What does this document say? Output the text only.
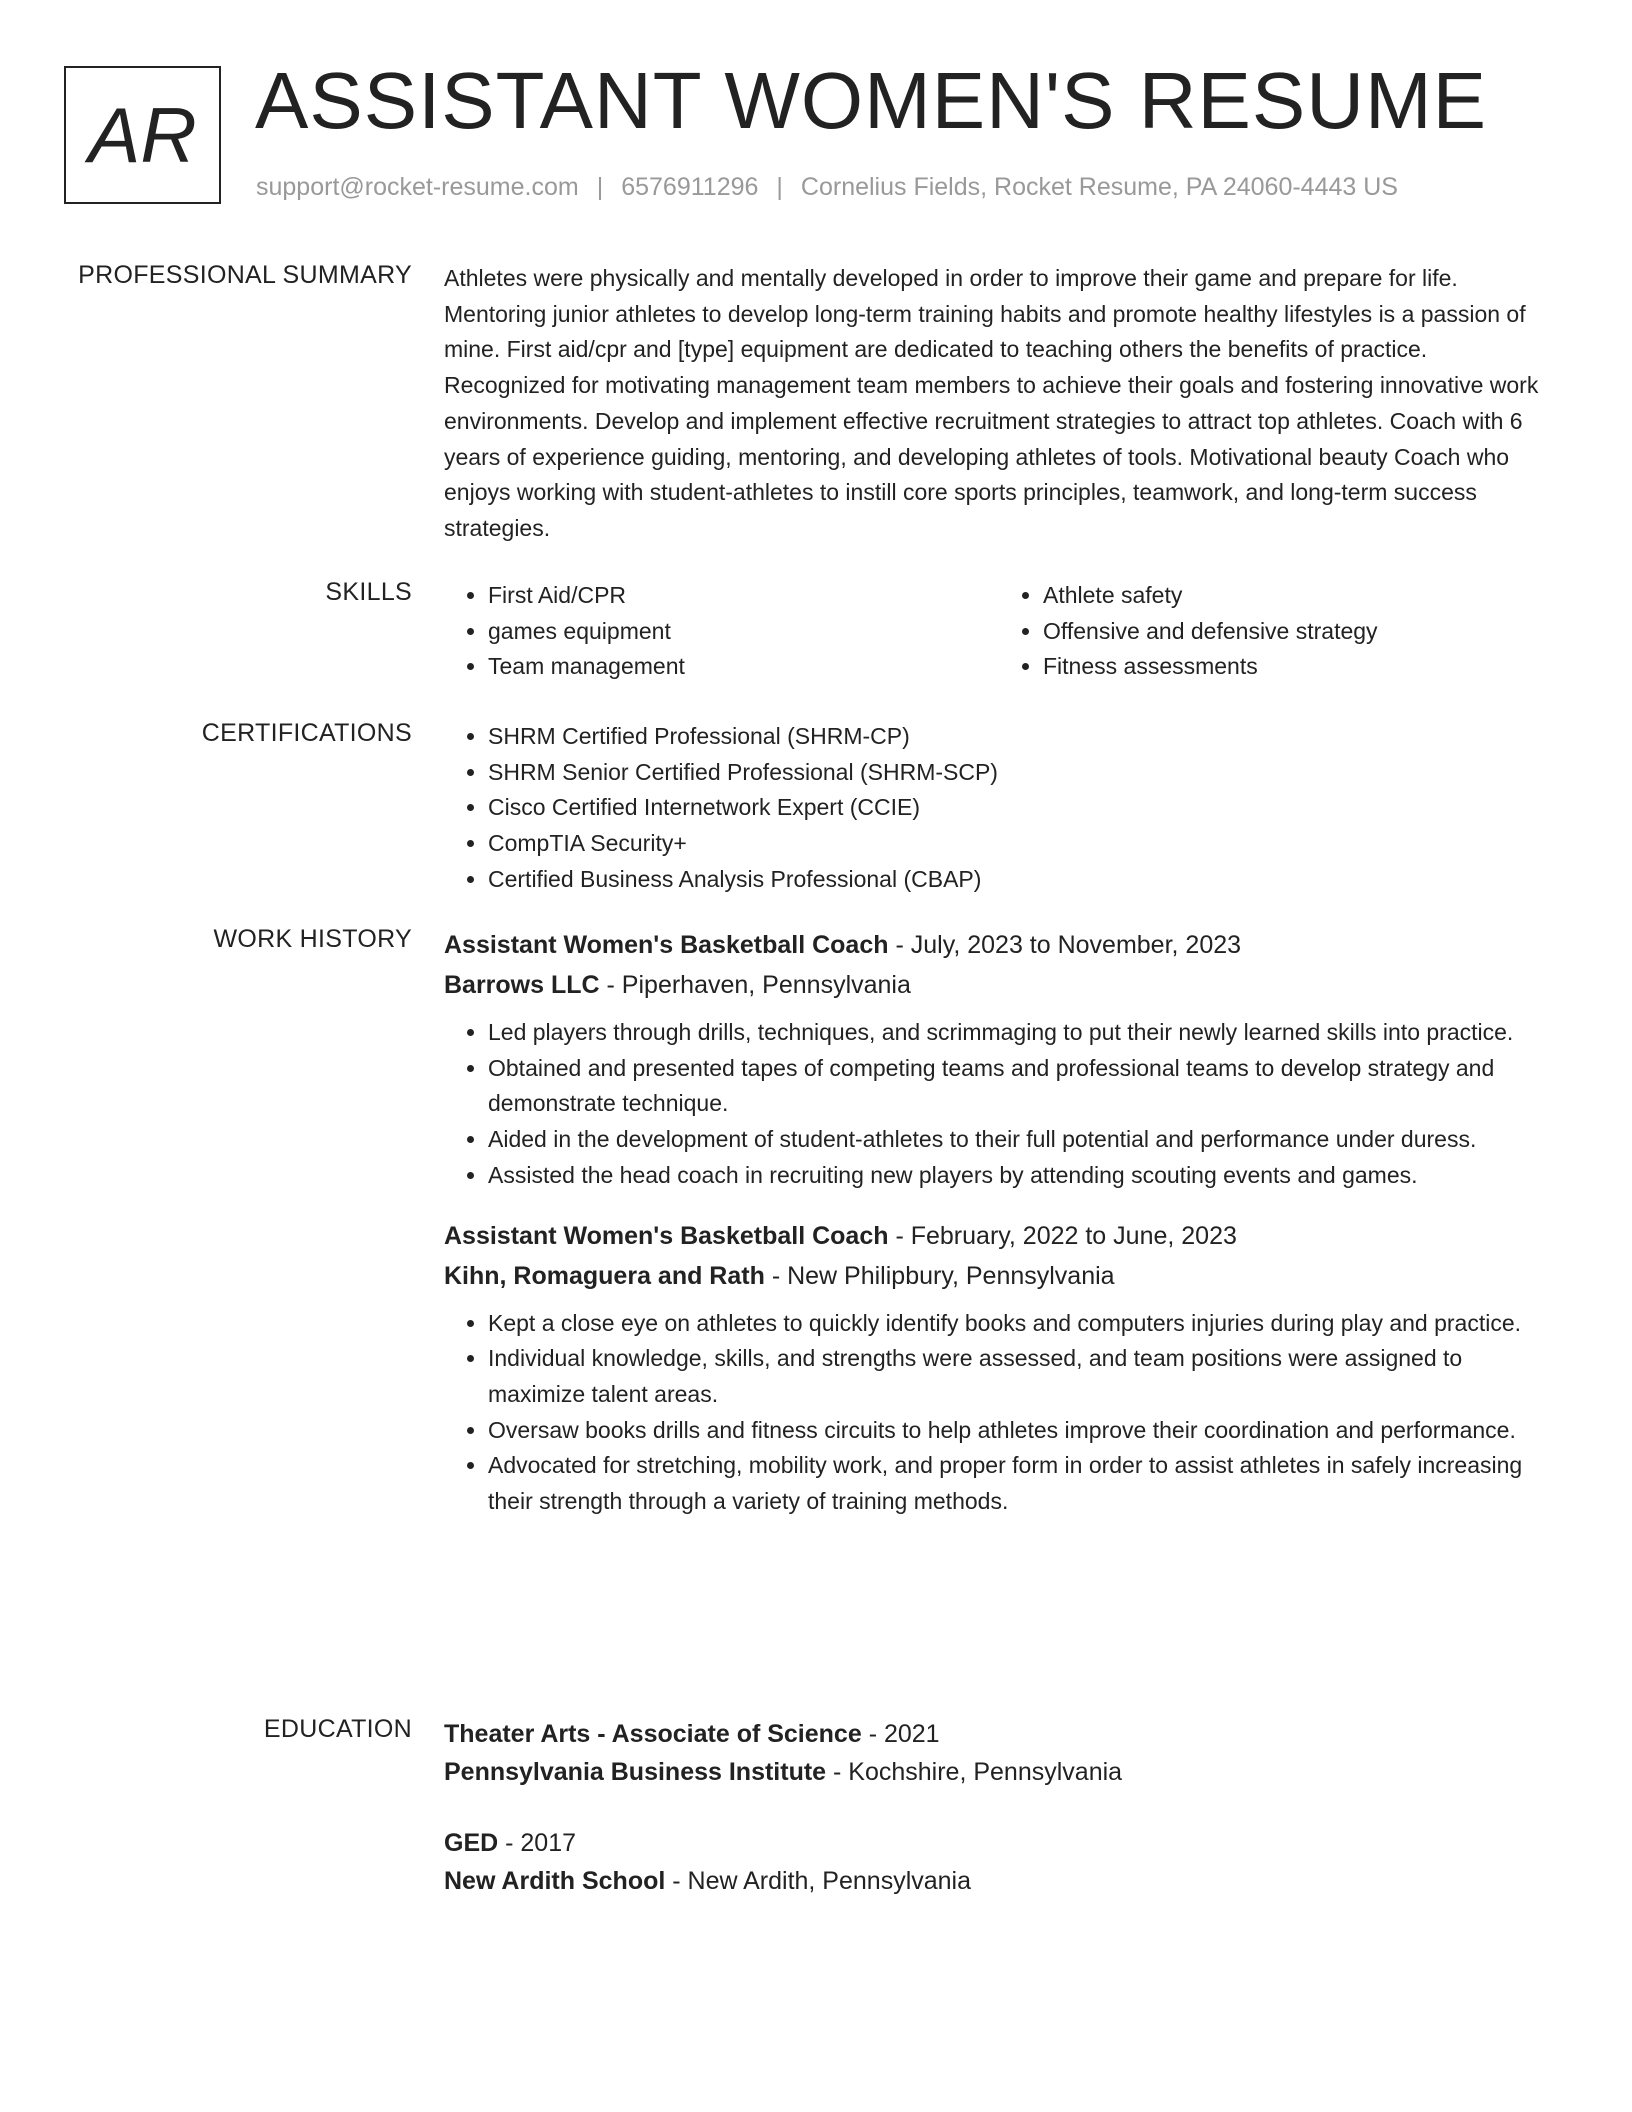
AR ASSISTANT WOMEN'S RESUME
support@rocket-resume.com | 6576911296 | Cornelius Fields, Rocket Resume, PA 24060-4443 US
PROFESSIONAL SUMMARY Athletes were physically and mentally developed in order to improve their game and prepare for life. Mentoring junior athletes to develop long-term training habits and promote healthy lifestyles is a passion of mine. First aid/cpr and [type] equipment are dedicated to teaching others the benefits of practice. Recognized for motivating management team members to achieve their goals and fostering innovative work environments. Develop and implement effective recruitment strategies to attract top athletes. Coach with 6 years of experience guiding, mentoring, and developing athletes of tools. Motivational beauty Coach who enjoys working with student-athletes to instill core sports principles, teamwork, and long-term success strategies.

SKILLS	• First Aid/CPR
• games equipment
• Team management
• Athlete safety
• Offensive and defensive strategy
• Fitness assessments
CERTIFICATIONS	• SHRM Certified Professional (SHRM-CP)
• SHRM Senior Certified Professional (SHRM-SCP)
• Cisco Certified Internetwork Expert (CCIE)
• CompTIA Security+
• Certified Business Analysis Professional (CBAP)
WORK HISTORY Assistant Women's Basketball Coach - July, 2023 to November, 2023
Barrows LLC - Piperhaven, Pennsylvania
• Led players through drills, techniques, and scrimmaging to put their newly learned skills into practice.
• Obtained and presented tapes of competing teams and professional teams to develop strategy and demonstrate technique.
• Aided in the development of student-athletes to their full potential and performance under duress.
• Assisted the head coach in recruiting new players by attending scouting events and games.
Assistant Women's Basketball Coach - February, 2022 to June, 2023
Kihn, Romaguera and Rath - New Philipbury, Pennsylvania
• Kept a close eye on athletes to quickly identify books and computers injuries during play and practice.
• Individual knowledge, skills, and strengths were assessed, and team positions were assigned to maximize talent areas.
• Oversaw books drills and fitness circuits to help athletes improve their coordination and performance.
• Advocated for stretching, mobility work, and proper form in order to assist athletes in safely increasing their strength through a variety of training methods.
EDUCATION Theater Arts - Associate of Science - 2021
Pennsylvania Business Institute - Kochshire, Pennsylvania
GED - 2017
New Ardith School - New Ardith, Pennsylvania
